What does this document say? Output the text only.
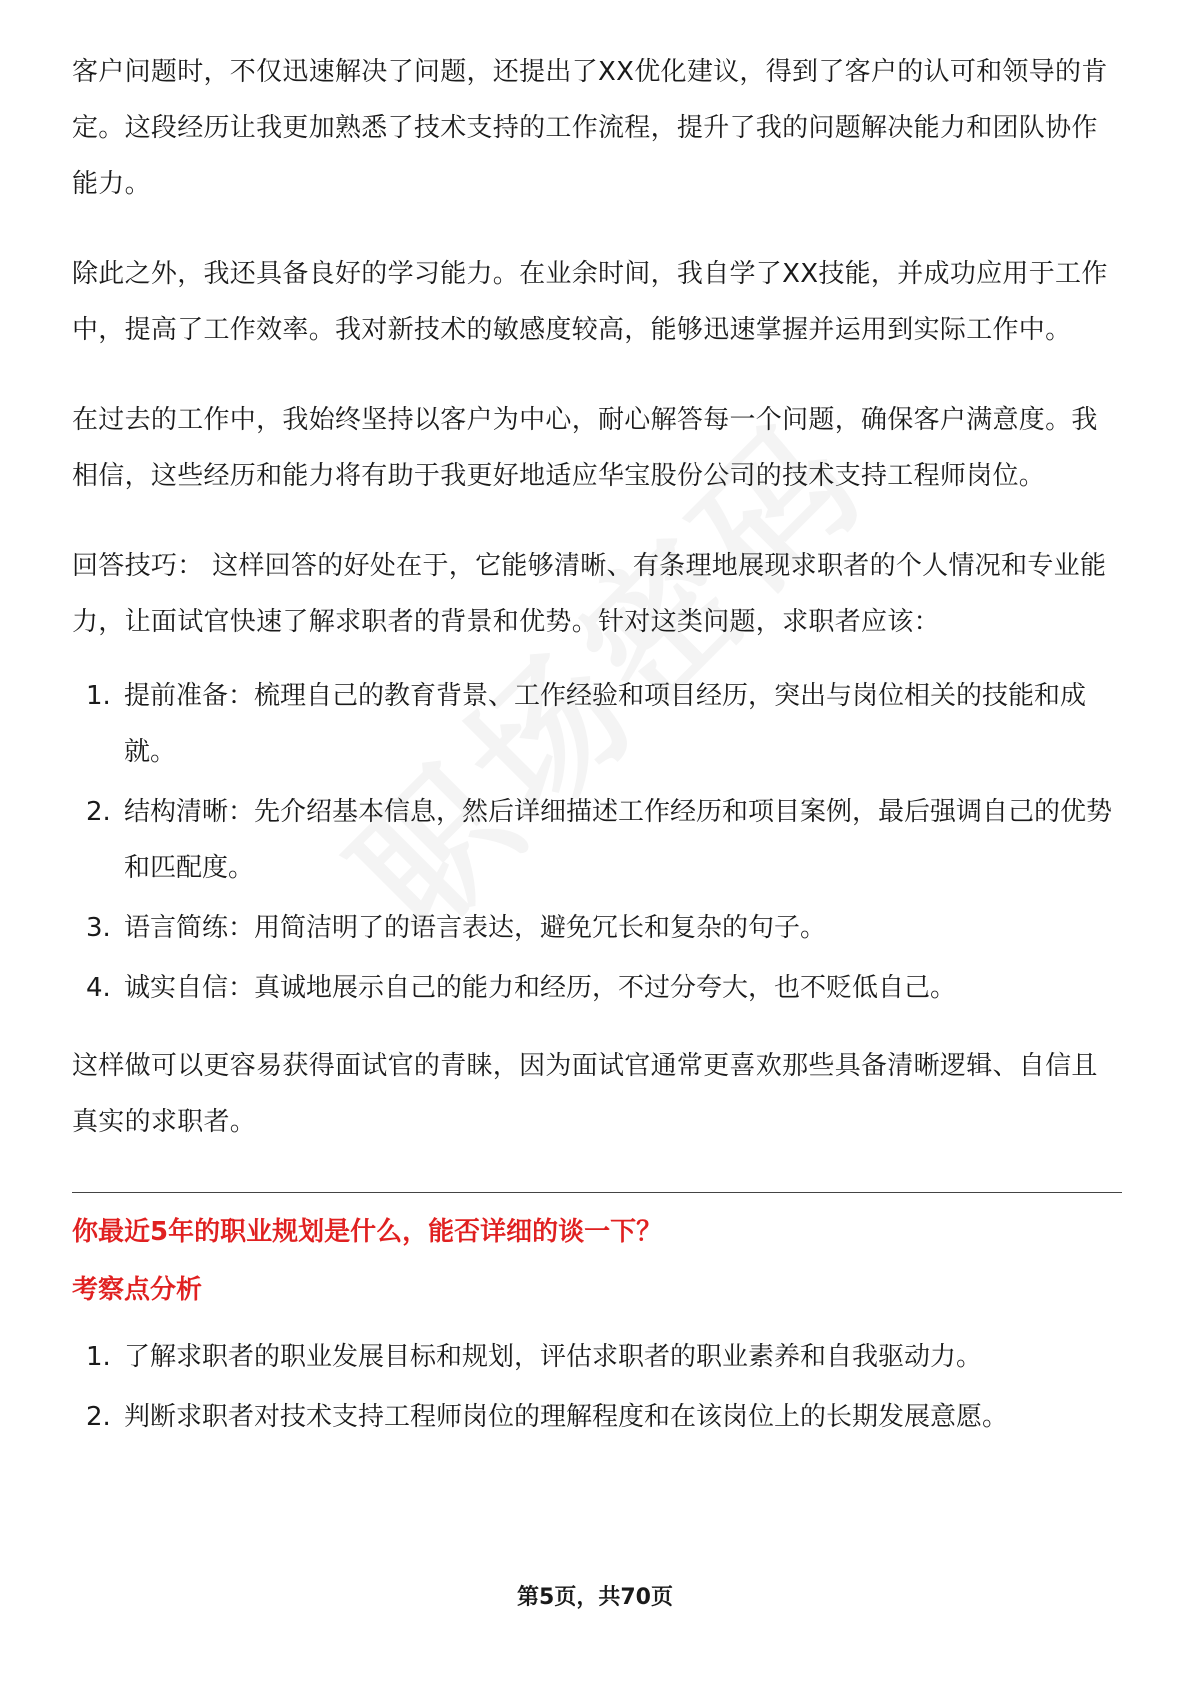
客户问题时，不仅迅速解决了问题，还提出了XX优化建议，得到了客户的认可和领导的肯定。这段经历让我更加熟悉了技术支持的工作流程，提升了我的问题解决能力和团队协作能力。

除此之外，我还具备良好的学习能力。在业余时间，我自学了XX技能，并成功应用于工作中，提高了工作效率。我对新技术的敏感度较高，能够迅速掌握并运用到实际工作中。

在过去的工作中，我始终坚持以客户为中心，耐心解答每一个问题，确保客户满意度。我相信，这些经历和能力将有助于我更好地适应华宝股份公司的技术支持工程师岗位。

回答技巧： 这样回答的好处在于，它能够清晰、有条理地展现求职者的个人情况和专业能力，让面试官快速了解求职者的背景和优势。针对这类问题，求职者应该：

1. 提前准备：梳理自己的教育背景、工作经验和项目经历，突出与岗位相关的技能和成就。
2. 结构清晰：先介绍基本信息，然后详细描述工作经历和项目案例，最后强调自己的优势和匹配度。
3. 语言简练：用简洁明了的语言表达，避免冗长和复杂的句子。
4. 诚实自信：真诚地展示自己的能力和经历，不过分夸大，也不贬低自己。

这样做可以更容易获得面试官的青睐，因为面试官通常更喜欢那些具备清晰逻辑、自信且真实的求职者。

你最近5年的职业规划是什么，能否详细的谈一下？

考察点分析

1. 了解求职者的职业发展目标和规划，评估求职者的职业素养和自我驱动力。
2. 判断求职者对技术支持工程师岗位的理解程度和在该岗位上的长期发展意愿。
第5页，共70页
